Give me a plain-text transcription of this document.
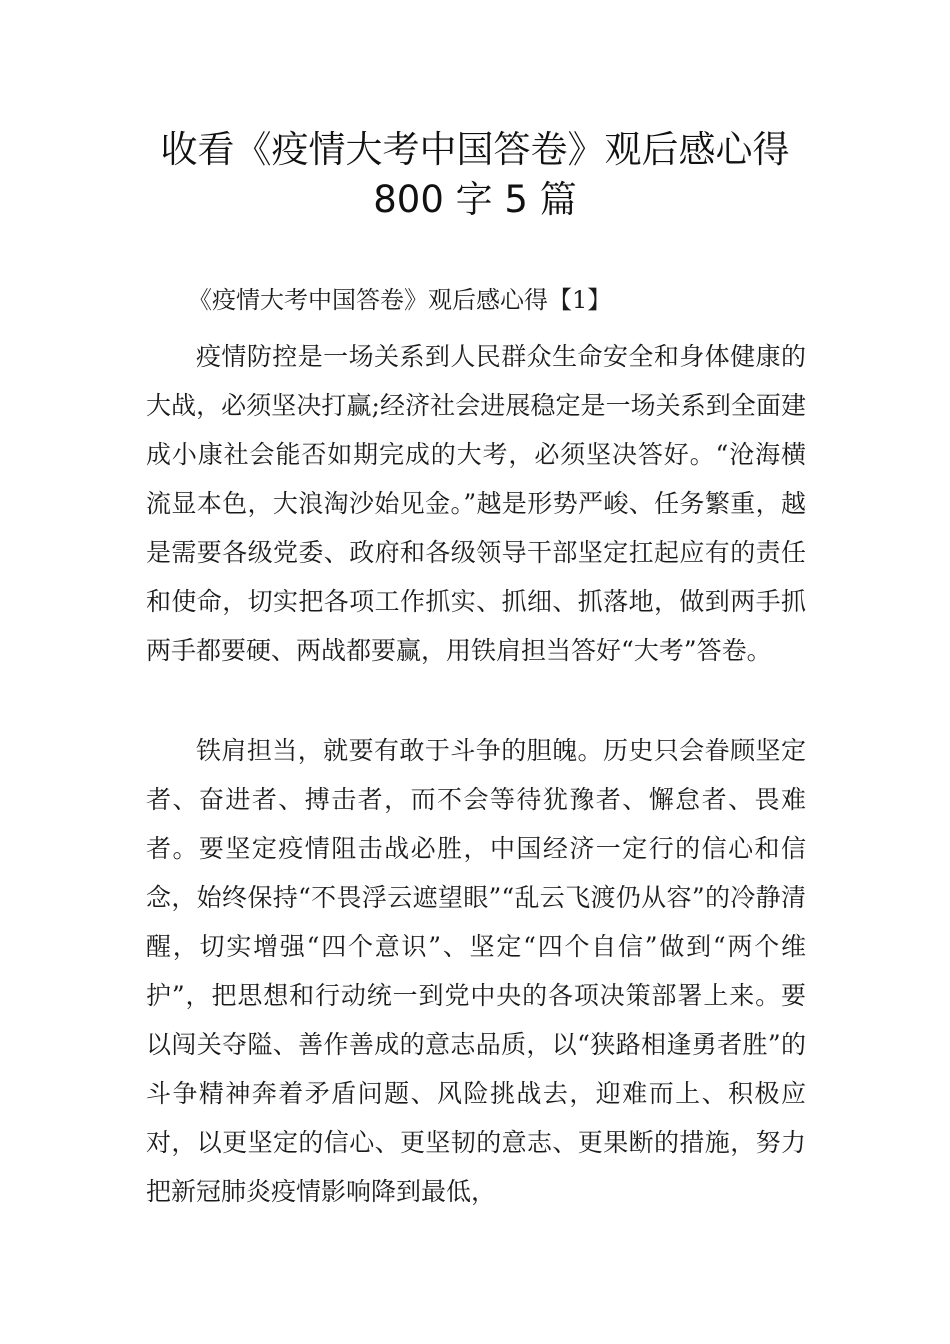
收看《疫情大考中国答卷》观后感心得
800 字 5 篇

《疫情大考中国答卷》观后感心得【1】

疫情防控是一场关系到人民群众生命安全和身体健康的大战，必须坚决打赢;经济社会进展稳定是一场关系到全面建成小康社会能否如期完成的大考，必须坚决答好。“沧海横流显本色，大浪淘沙始见金。”越是形势严峻、任务繁重，越是需要各级党委、政府和各级领导干部坚定扛起应有的责任和使命，切实把各项工作抓实、抓细、抓落地，做到两手抓两手都要硬、两战都要赢，用铁肩担当答好“大考”答卷。

铁肩担当，就要有敢于斗争的胆魄。历史只会眷顾坚定者、奋进者、搏击者，而不会等待犹豫者、懈怠者、畏难者。要坚定疫情阻击战必胜，中国经济一定行的信心和信念，始终保持“不畏浮云遮望眼”“乱云飞渡仍从容”的冷静清醒，切实增强“四个意识”、坚定“四个自信”做到“两个维护”，把思想和行动统一到党中央的各项决策部署上来。要以闯关夺隘、善作善成的意志品质，以“狭路相逢勇者胜”的斗争精神奔着矛盾问题、风险挑战去，迎难而上、积极应对，以更坚定的信心、更坚韧的意志、更果断的措施，努力把新冠肺炎疫情影响降到最低，
